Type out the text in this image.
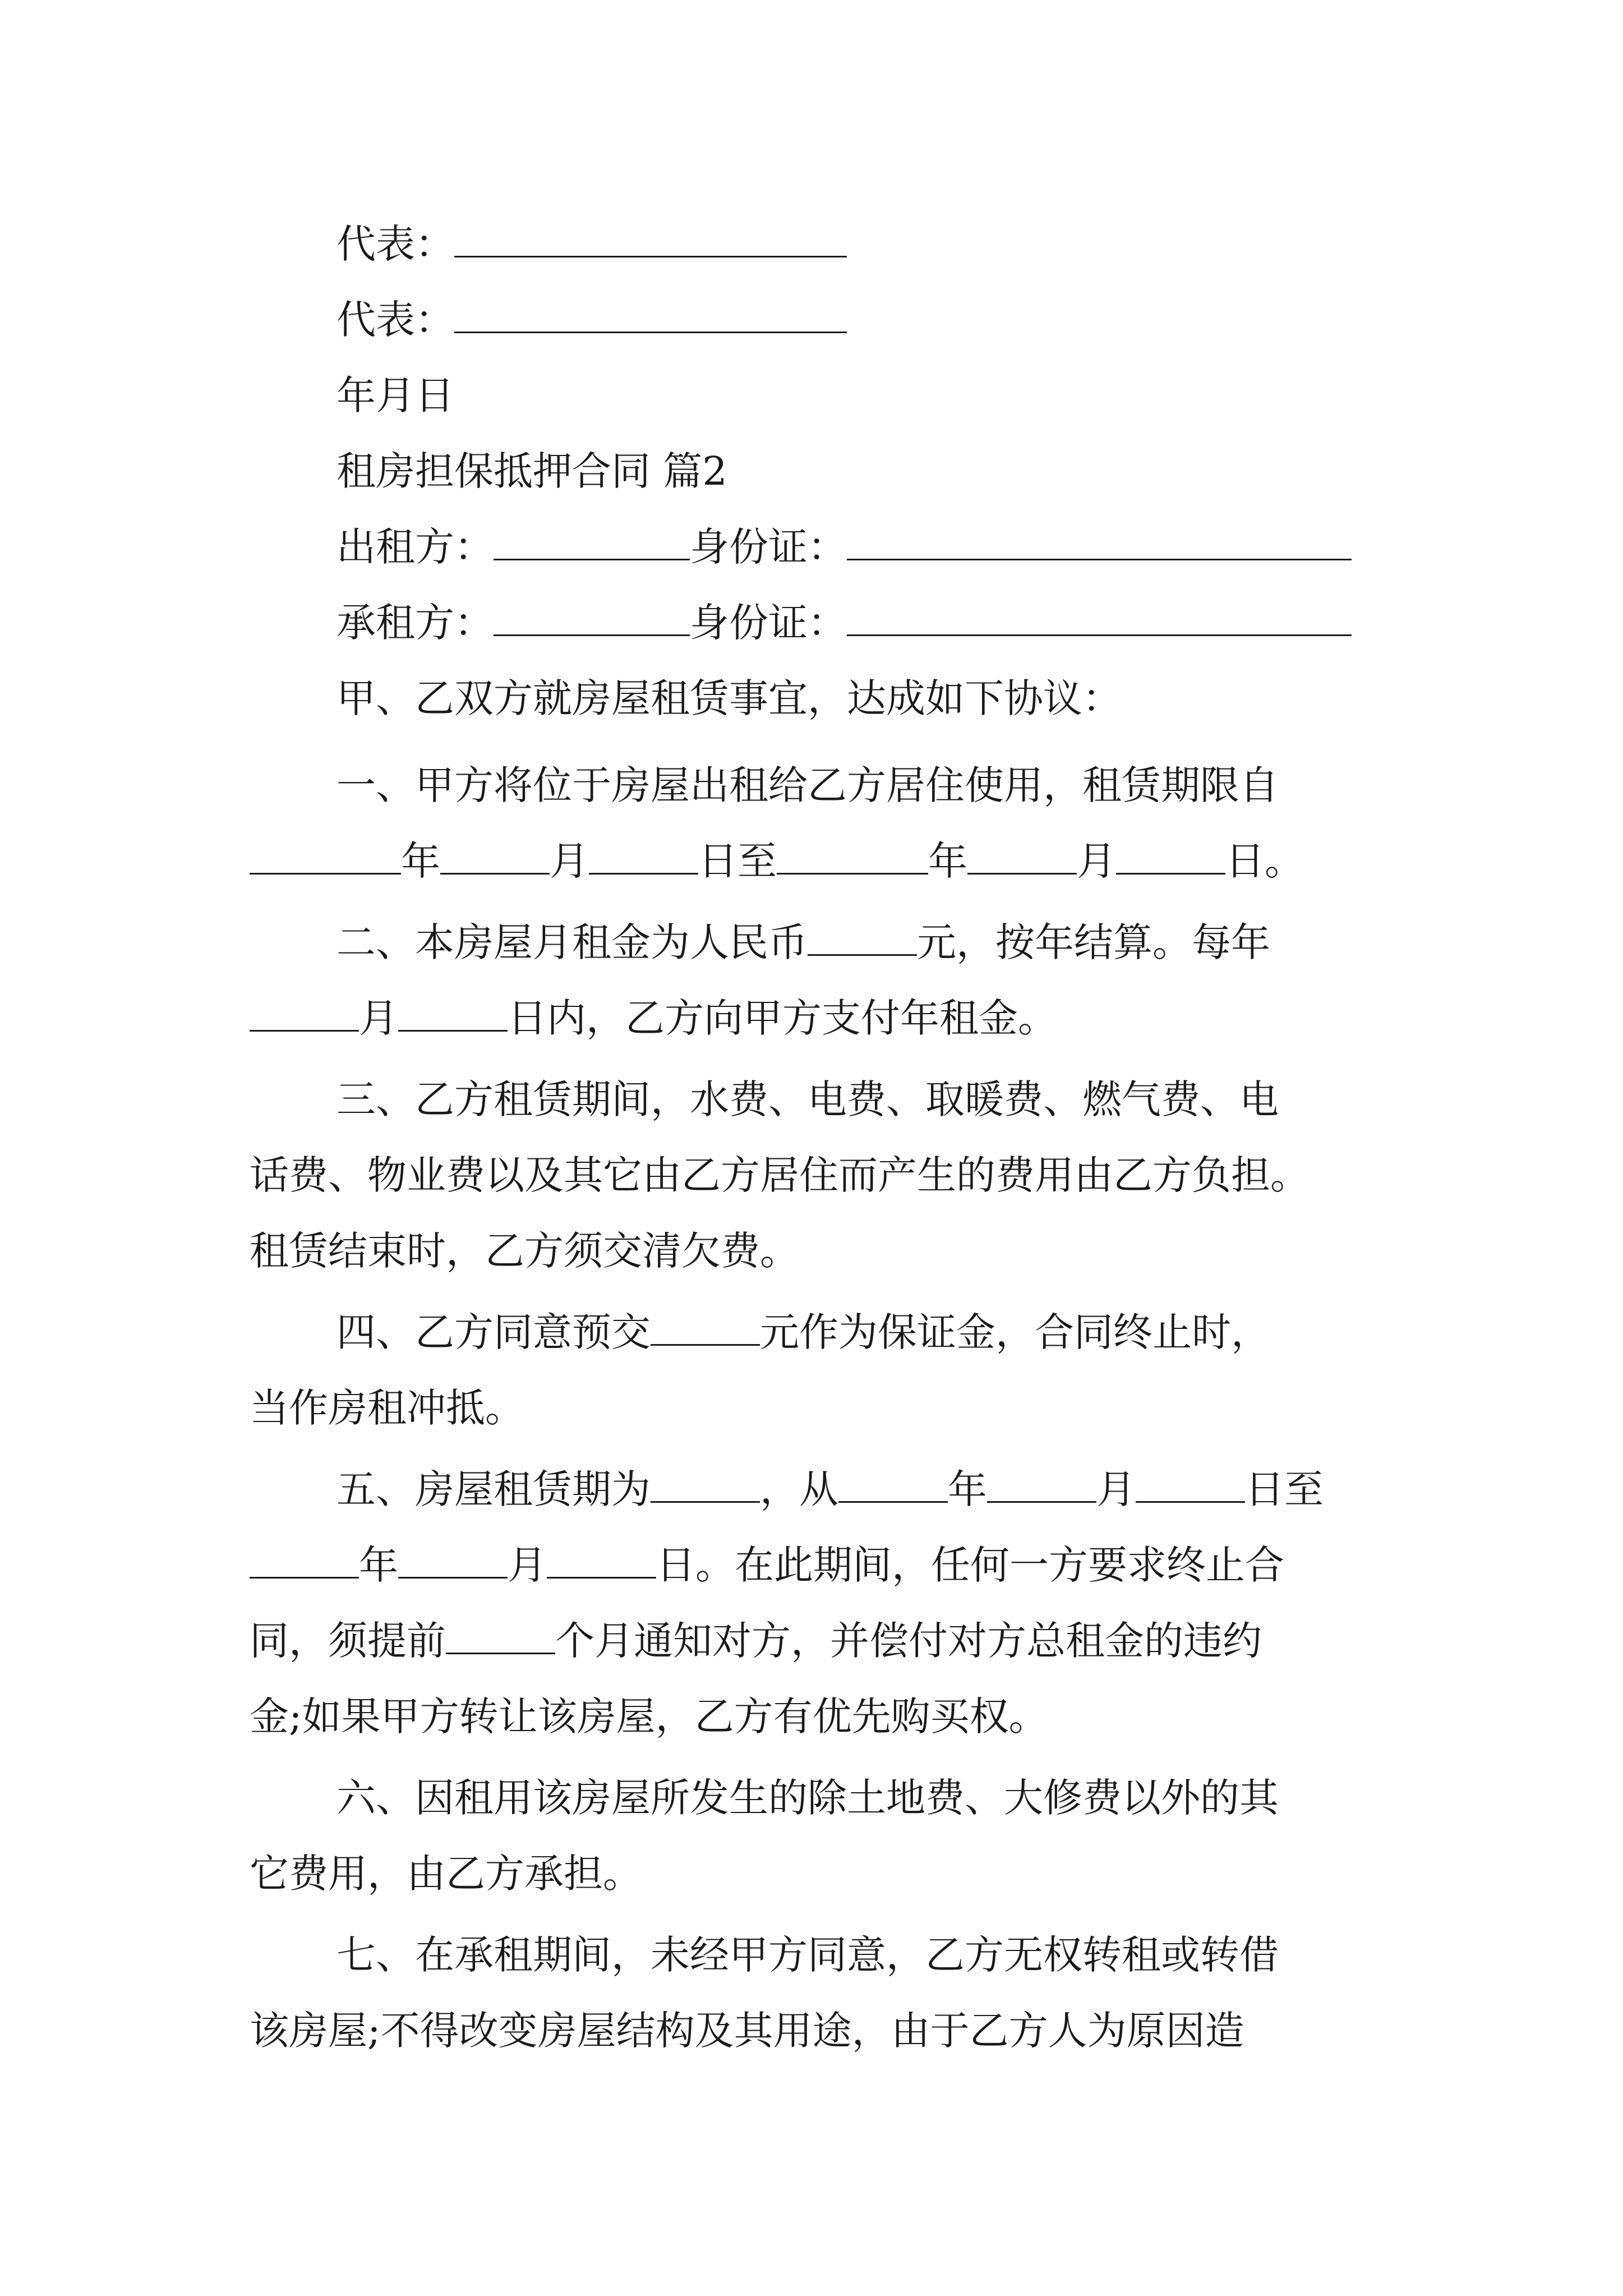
代表：
代表：
年月日
租房担保抵押合同 篇2
出租方：	身份证：
承租方：	身份证：
甲、乙双方就房屋租赁事宜，达成如下协议：
一、甲方将位于房屋出租给乙方居住使用，租赁期限自
年	月	日至	年	月	日。
二、本房屋月租金为人民币	元，按年结算。每年
月	日内，乙方向甲方支付年租金。
三、乙方租赁期间，水费、电费、取暖费、燃气费、电
话费、物业费以及其它由乙方居住而产生的费用由乙方负担。
租赁结束时，乙方须交清欠费。
四、乙方同意预交	元作为保证金，合同终止时，
当作房租冲抵。
五、房屋租赁期为	，从	年	月	日至
年	月	日。在此期间，任何一方要求终止合
同，须提前	个月通知对方，并偿付对方总租金的违约
金;如果甲方转让该房屋，乙方有优先购买权。
六、因租用该房屋所发生的除土地费、大修费以外的其
它费用，由乙方承担。
七、在承租期间，未经甲方同意，乙方无权转租或转借
该房屋;不得改变房屋结构及其用途，由于乙方人为原因造
